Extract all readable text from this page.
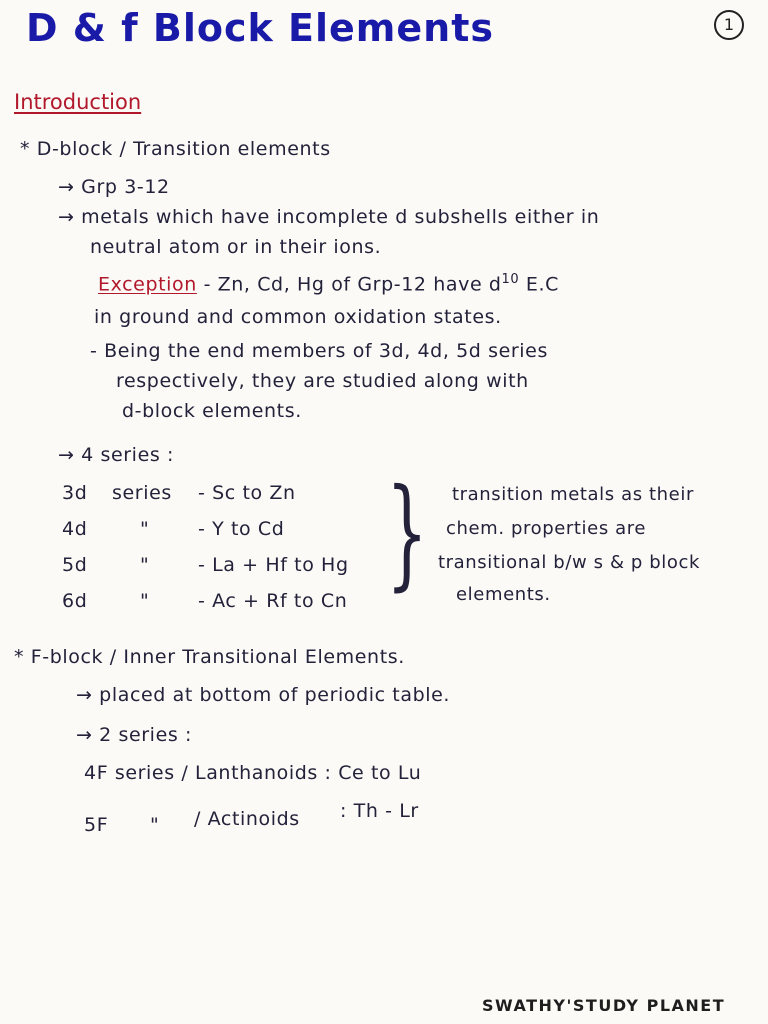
D & f Block Elements	1
Introduction
* D-block / Transition elements
→ Grp 3-12
→ metals which have incomplete d subshells either in
neutral atom or in their ions.
Exception - Zn, Cd, Hg of Grp-12 have $d^{10}$ E.C
in ground and common oxidation states.
- Being the end members of 3d, 4d, 5d series
respectively, they are studied along with
d-block elements.
→ 4 series :
3d series - Sc to Zn
4d	"	- Y to Cd
5d	"	- La + Hf to Hg
6d	"	- Ac + Rf to Cn } transition metals as their
chem. properties are
transitional b/w s & p block
elements.
* F-block / Inner Transitional Elements.
→ placed at bottom of periodic table.
→ 2 series :
4F series / Lanthanoids : Ce to Lu
5F " / Actinoids : Th - Lr
SWATHY'STUDY PLANET
